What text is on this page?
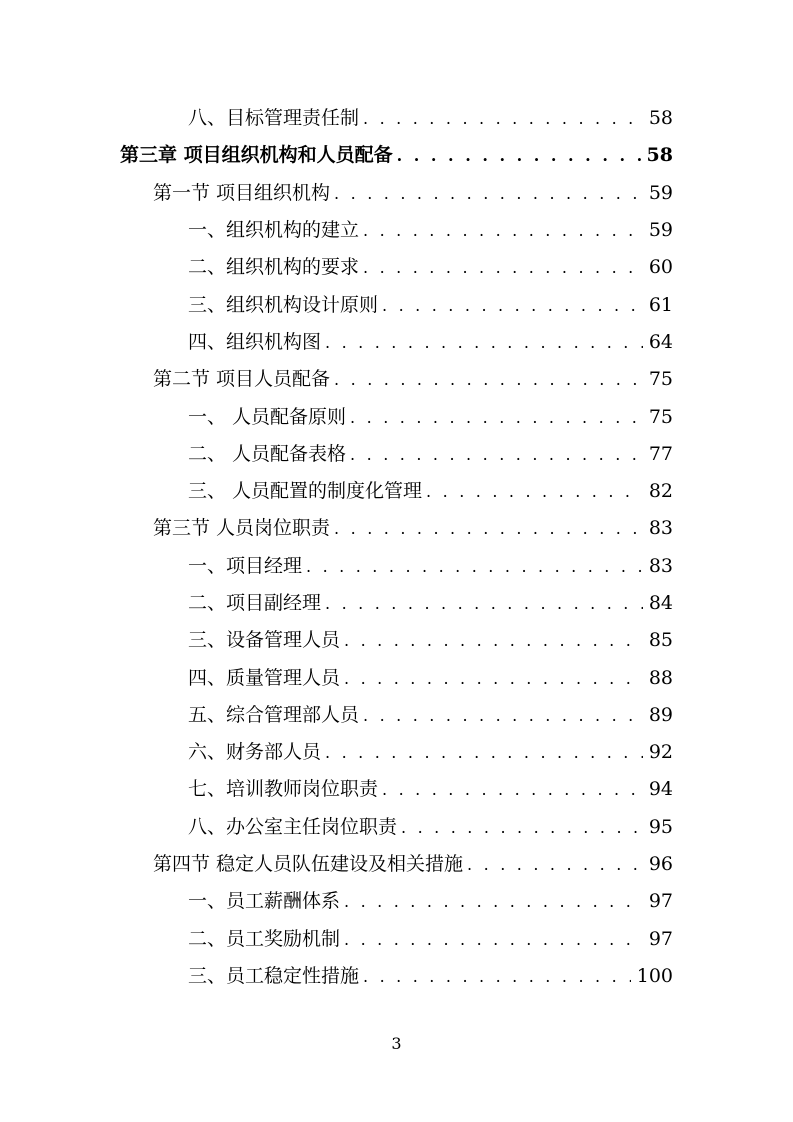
八、目标管理责任制 . . .	58
第三章 项目组织机构和人员配备 . . .	58
第一节 项目组织机构 . . .	59
一、组织机构的建立 . . .	59
二、组织机构的要求 . . .	60
三、组织机构设计原则 . . .	61
四、组织机构图 . . .	64
第二节 项目人员配备 . . .	75
一、 人员配备原则 . . .	75
二、 人员配备表格 . . .	77
三、 人员配置的制度化管理 . . .	82
第三节 人员岗位职责 . . .	83
一、项目经理 . . .	83
二、项目副经理 . . .	84
三、设备管理人员 . . .	85
四、质量管理人员 . . .	88
五、综合管理部人员 . . .	89
六、财务部人员 . . .	92
七、培训教师岗位职责 . . .	94
八、办公室主任岗位职责 . . .	95
第四节 稳定人员队伍建设及相关措施 . . .	96
一、员工薪酬体系 . . .	97
二、员工奖励机制 . . .	97
三、员工稳定性措施 . . .	100
3
